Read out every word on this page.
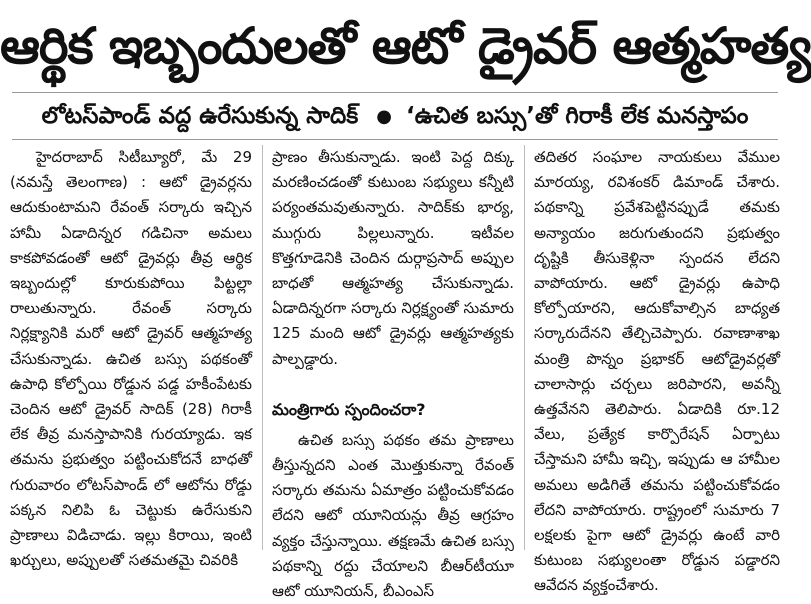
ఆర్థిక ఇబ్బందులతో ఆటో డ్రైవర్ ఆత్మహత్య
లోటస్‌పాండ్ వద్ద ఉరేసుకున్న సాదిక్ ● ‘ఉచిత బస్సు’తో గిరాకీ లేక మనస్తాపం

హైదరాబాద్ సిటీబ్యూరో, మే 29 (నమస్తే తెలంగాణ) : ఆటో డ్రైవర్లను ఆదుకుంటామని రేవంత్ సర్కారు ఇచ్చిన హామీ ఏడాదిన్నర గడిచినా అమలు కాకపోవడంతో ఆటో డ్రైవర్లు తీవ్ర ఆర్థిక ఇబ్బందుల్లో కూరుకుపోయి పిట్టల్లా రాలుతున్నారు. రేవంత్ సర్కారు నిర్లక్ష్యానికి మరో ఆటో డ్రైవర్ ఆత్మహత్య చేసుకున్నాడు. ఉచిత బస్సు పథకంతో ఉపాధి కోల్పోయి రోడ్డున పడ్డ హకీంపేటకు చెందిన ఆటో డ్రైవర్ సాదిక్ (28) గిరాకీ లేక తీవ్ర మనస్తాపానికి గురయ్యాడు. ఇక తమను ప్రభుత్వం పట్టించుకోదనే బాధతో గురువారం లోటస్‌పాండ్ లో ఆటోను రోడ్డు పక్కన నిలిపి ఓ చెట్టుకు ఉరేసుకుని ప్రాణాలు విడిచాడు. ఇల్లు కిరాయి, ఇంటి ఖర్చులు, అప్పులతో సతమతమై చివరికి

ప్రాణం తీసుకున్నాడు. ఇంటి పెద్ద దిక్కు మరణించడంతో కుటుంబ సభ్యులు కన్నీటి పర్యంతమవుతున్నారు. సాదిక్‌కు భార్య, ముగ్గురు పిల్లలున్నారు. ఇటీవల కొత్తగూడెనికి చెందిన దుర్గాప్రసాద్ అప్పుల బాధతో ఆత్మహత్య చేసుకున్నాడు. ఏడాదిన్నరగా సర్కారు నిర్లక్ష్యంతో సుమారు 125 మంది ఆటో డ్రైవర్లు ఆత్మహత్యకు పాల్పడ్డారు.

మంత్రిగారు స్పందించరా?

ఉచిత బస్సు పథకం తమ ప్రాణాలు తీస్తున్నదని ఎంత మొత్తుకున్నా రేవంత్ సర్కారు తమను ఏమాత్రం పట్టించుకోవడం లేదని ఆటో యూనియన్లు తీవ్ర ఆగ్రహం వ్యక్తం చేస్తున్నాయి. తక్షణమే ఉచిత బస్సు పథకాన్ని రద్దు చేయాలని బీఆర్‌టీయూ ఆటో యూనియన్, బీఎంఎస్

తదితర సంఘాల నాయకులు వేముల మారయ్య, రవిశంకర్ డిమాండ్ చేశారు. పథకాన్ని ప్రవేశపెట్టినప్పుడే తమకు అన్యాయం జరుగుతుందని ప్రభుత్వం దృష్టికి తీసుకెళ్లినా స్పందన లేదని వాపోయారు. ఆటో డ్రైవర్లు ఉపాధి కోల్పోయారని, ఆదుకోవాల్సిన బాధ్యత సర్కారుదేనని తేల్చిచెప్పారు. రవాణాశాఖ మంత్రి పొన్నం ప్రభాకర్ ఆటోడ్రైవర్లతో చాలాసార్లు చర్చలు జరిపారని, అవన్నీ ఉత్తవేనని తెలిపారు. ఏడాదికి రూ.12 వేలు, ప్రత్యేక కార్పొరేషన్ ఏర్పాటు చేస్తామని హామీ ఇచ్చి, ఇప్పుడు ఆ హామీల అమలు అడిగితే తమను పట్టించుకోవడం లేదని వాపోయారు. రాష్ట్రంలో సుమారు 7 లక్షలకు పైగా ఆటో డ్రైవర్లు ఉంటే వారి కుటుంబ సభ్యులంతా రోడ్డున పడ్డారని ఆవేదన వ్యక్తంచేశారు.
